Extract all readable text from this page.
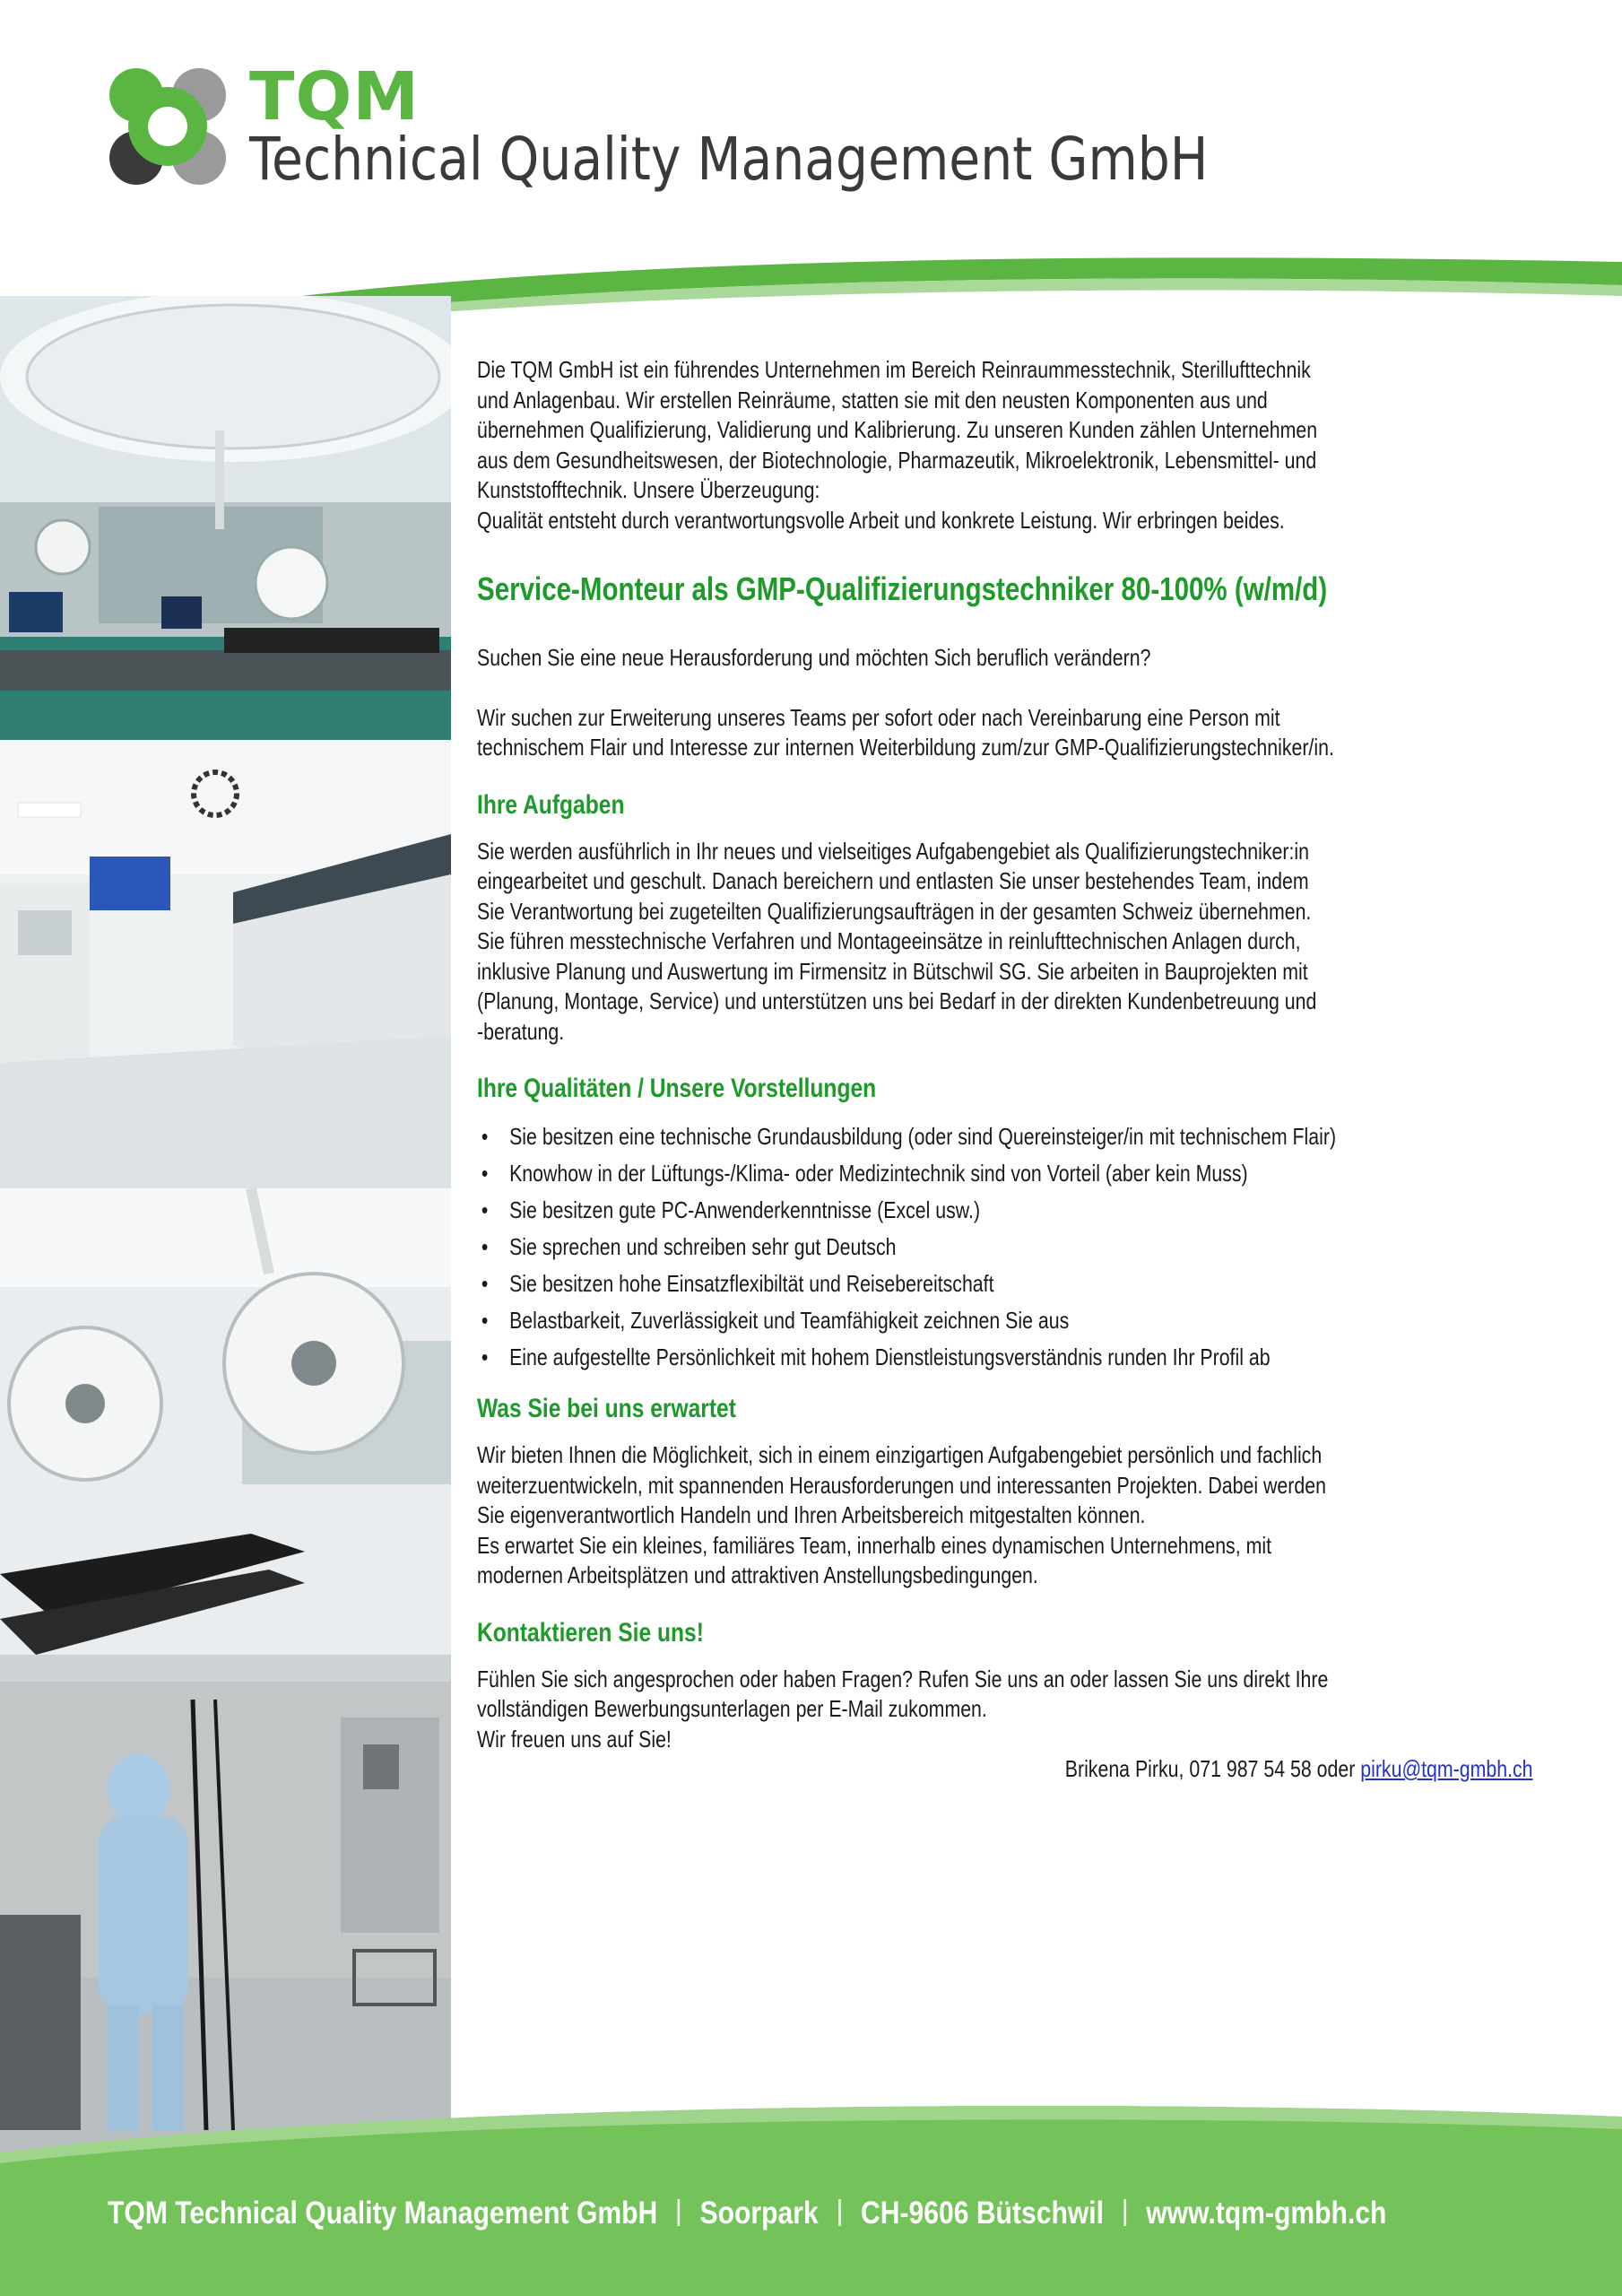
TQM
Technical Quality Management GmbH

Die TQM GmbH ist ein führendes Unternehmen im Bereich Reinraummesstechnik, Sterillufttechnik

und Anlagenbau. Wir erstellen Reinräume, statten sie mit den neusten Komponenten aus und

übernehmen Qualifizierung, Validierung und Kalibrierung. Zu unseren Kunden zählen Unternehmen

aus dem Gesundheitswesen, der Biotechnologie, Pharmazeutik, Mikroelektronik, Lebensmittel- und

Kunststofftechnik. Unsere Überzeugung:

Qualität entsteht durch verantwortungsvolle Arbeit und konkrete Leistung. Wir erbringen beides.

Service-Monteur als GMP-Qualifizierungstechniker 80-100% (w/m/d)

Suchen Sie eine neue Herausforderung und möchten Sich beruflich verändern?

Wir suchen zur Erweiterung unseres Teams per sofort oder nach Vereinbarung eine Person mit

technischem Flair und Interesse zur internen Weiterbildung zum/zur GMP-Qualifizierungstechniker/in.

Ihre Aufgaben

Sie werden ausführlich in Ihr neues und vielseitiges Aufgabengebiet als Qualifizierungstechniker:in

eingearbeitet und geschult. Danach bereichern und entlasten Sie unser bestehendes Team, indem

Sie Verantwortung bei zugeteilten Qualifizierungsaufträgen in der gesamten Schweiz übernehmen.

Sie führen messtechnische Verfahren und Montageeinsätze in reinlufttechnischen Anlagen durch,

inklusive Planung und Auswertung im Firmensitz in Bütschwil SG. Sie arbeiten in Bauprojekten mit

(Planung, Montage, Service) und unterstützen uns bei Bedarf in der direkten Kundenbetreuung und

-beratung.

Ihre Qualitäten / Unsere Vorstellungen
• Sie besitzen eine technische Grundausbildung (oder sind Quereinsteiger/in mit technischem Flair)
• Knowhow in der Lüftungs-/Klima- oder Medizintechnik sind von Vorteil (aber kein Muss)
• Sie besitzen gute PC-Anwenderkenntnisse (Excel usw.)
• Sie sprechen und schreiben sehr gut Deutsch
• Sie besitzen hohe Einsatzflexibiltät und Reisebereitschaft
• Belastbarkeit, Zuverlässigkeit und Teamfähigkeit zeichnen Sie aus
• Eine aufgestellte Persönlichkeit mit hohem Dienstleistungsverständnis runden Ihr Profil ab
Was Sie bei uns erwartet

Wir bieten Ihnen die Möglichkeit, sich in einem einzigartigen Aufgabengebiet persönlich und fachlich

weiterzuentwickeln, mit spannenden Herausforderungen und interessanten Projekten. Dabei werden

Sie eigenverantwortlich Handeln und Ihren Arbeitsbereich mitgestalten können.

Es erwartet Sie ein kleines, familiäres Team, innerhalb eines dynamischen Unternehmens, mit

modernen Arbeitsplätzen und attraktiven Anstellungsbedingungen.

Kontaktieren Sie uns!

Fühlen Sie sich angesprochen oder haben Fragen? Rufen Sie uns an oder lassen Sie uns direkt Ihre

vollständigen Bewerbungsunterlagen per E-Mail zukommen.

Wir freuen uns auf Sie!

Brikena Pirku, 071 987 54 58 oder pirku@tqm-gmbh.ch

TQM Technical Quality Management GmbH Soorpark CH-9606 Bütschwil www.tqm-gmbh.ch
